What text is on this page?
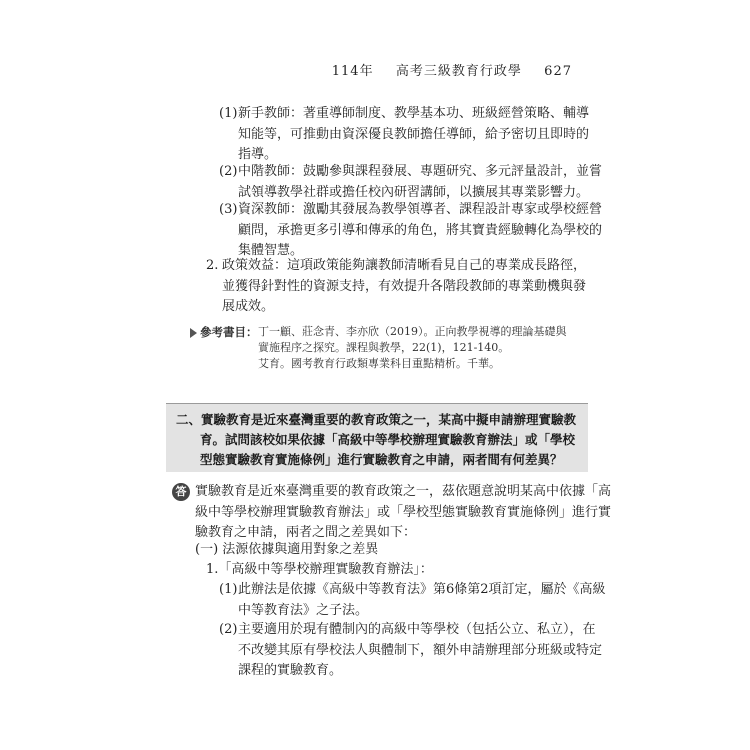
114年 高考三級教育行政學 627
(1) 新手教師：著重導師制度、教學基本功、班級經營策略、輔導
知能等，可推動由資深優良教師擔任導師，給予密切且即時的
指導。
(2) 中階教師：鼓勵參與課程發展、專題研究、多元評量設計，並嘗
試領導教學社群或擔任校內研習講師，以擴展其專業影響力。
(3) 資深教師：激勵其發展為教學領導者、課程設計專家或學校經營
顧問，承擔更多引導和傳承的角色，將其寶貴經驗轉化為學校的
集體智慧。
2. 政策效益：這項政策能夠讓教師清晰看見自己的專業成長路徑，
並獲得針對性的資源支持，有效提升各階段教師的專業動機與發
展成效。
參考書目： 丁一顧、莊念青、李亦欣（2019）。正向教學視導的理論基礎與
實施程序之探究。課程與教學，22(1)，121-140。
艾育。國考教育行政類專業科目重點精析。千華。
二、實驗教育是近來臺灣重要的教育政策之一，某高中擬申請辦理實驗教
育。試問該校如果依據「高級中等學校辦理實驗教育辦法」或「學校
型態實驗教育實施條例」進行實驗教育之申請，兩者間有何差異？
答 實驗教育是近來臺灣重要的教育政策之一，茲依題意說明某高中依據「高
級中等學校辦理實驗教育辦法」或「學校型態實驗教育實施條例」進行實
驗教育之申請，兩者之間之差異如下：
(一) 法源依據與適用對象之差異
1.「高級中等學校辦理實驗教育辦法」：
(1) 此辦法是依據《高級中等教育法》第6條第2項訂定，屬於《高級
中等教育法》之子法。
(2) 主要適用於現有體制內的高級中等學校（包括公立、私立），在
不改變其原有學校法人與體制下，額外申請辦理部分班級或特定
課程的實驗教育。
